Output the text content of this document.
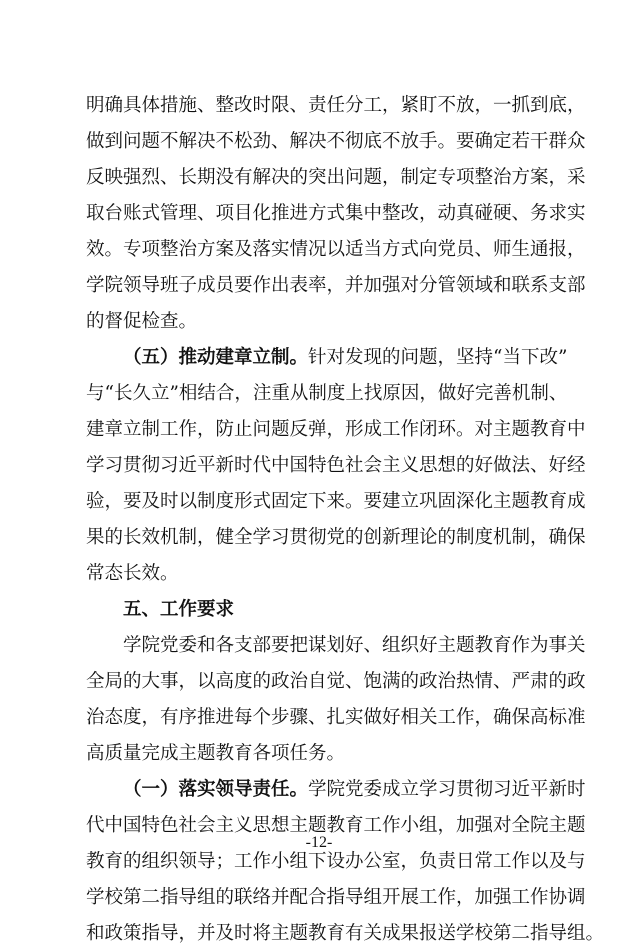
明确具体措施、整改时限、责任分工，紧盯不放，一抓到底，
做到问题不解决不松劲、解决不彻底不放手。要确定若干群众
反映强烈、长期没有解决的突出问题，制定专项整治方案，采
取台账式管理、项目化推进方式集中整改，动真碰硬、务求实
效。专项整治方案及落实情况以适当方式向党员、师生通报，
学院领导班子成员要作出表率，并加强对分管领域和联系支部
的督促检查。
（五）推动建章立制。针对发现的问题，坚持“当下改”
与“长久立”相结合，注重从制度上找原因，做好完善机制、
建章立制工作，防止问题反弹，形成工作闭环。对主题教育中
学习贯彻习近平新时代中国特色社会主义思想的好做法、好经
验，要及时以制度形式固定下来。要建立巩固深化主题教育成
果的长效机制，健全学习贯彻党的创新理论的制度机制，确保
常态长效。
五、工作要求
学院党委和各支部要把谋划好、组织好主题教育作为事关
全局的大事，以高度的政治自觉、饱满的政治热情、严肃的政
治态度，有序推进每个步骤、扎实做好相关工作，确保高标准
高质量完成主题教育各项任务。
（一）落实领导责任。学院党委成立学习贯彻习近平新时
代中国特色社会主义思想主题教育工作小组，加强对全院主题
教育的组织领导；工作小组下设办公室，负责日常工作以及与
学校第二指导组的联络并配合指导组开展工作，加强工作协调
和政策指导，并及时将主题教育有关成果报送学校第二指导组。
-12-
